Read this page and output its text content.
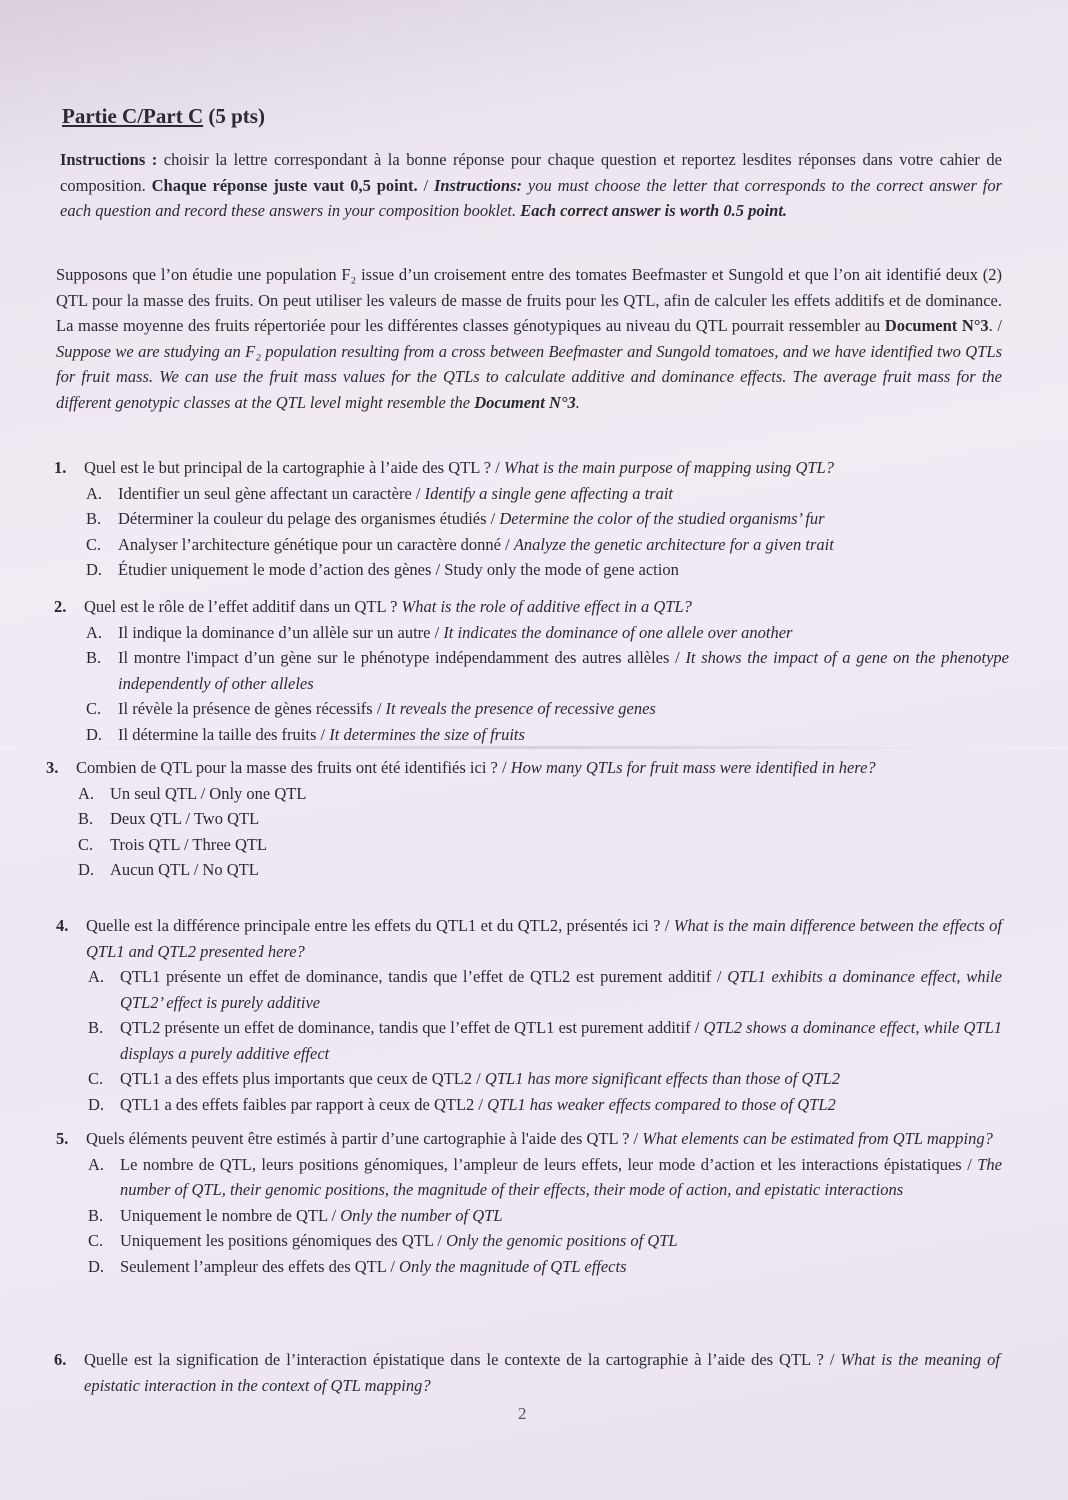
Partie C/Part C (5 pts)

Instructions : choisir la lettre correspondant à la bonne réponse pour chaque question et reportez lesdites réponses dans votre cahier de composition. Chaque réponse juste vaut 0,5 point. / Instructions: you must choose the letter that corresponds to the correct answer for each question and record these answers in your composition booklet. Each correct answer is worth 0.5 point.

Supposons que l’on étudie une population F₂ issue d’un croisement entre des tomates Beefmaster et Sungold et que l’on ait identifié deux (2) QTL pour la masse des fruits. On peut utiliser les valeurs de masse de fruits pour les QTL, afin de calculer les effets additifs et de dominance. La masse moyenne des fruits répertoriée pour les différentes classes génotypiques au niveau du QTL pourrait ressembler au Document N°3. / Suppose we are studying an F₂ population resulting from a cross between Beefmaster and Sungold tomatoes, and we have identified two QTLs for fruit mass. We can use the fruit mass values for the QTLs to calculate additive and dominance effects. The average fruit mass for the different genotypic classes at the QTL level might resemble the Document N°3.

1. Quel est le but principal de la cartographie à l’aide des QTL ? / What is the main purpose of mapping using QTL?
A. Identifier un seul gène affectant un caractère / Identify a single gene affecting a trait
B. Déterminer la couleur du pelage des organismes étudiés / Determine the color of the studied organisms’ fur
C. Analyser l’architecture génétique pour un caractère donné / Analyze the genetic architecture for a given trait
D. Étudier uniquement le mode d’action des gènes / Study only the mode of gene action
2. Quel est le rôle de l’effet additif dans un QTL ? What is the role of additive effect in a QTL?
A. Il indique la dominance d’un allèle sur un autre / It indicates the dominance of one allele over another
B. Il montre l'impact d’un gène sur le phénotype indépendamment des autres allèles / It shows the impact of a gene on the phenotype independently of other alleles
C. Il révèle la présence de gènes récessifs / It reveals the presence of recessive genes
D. Il détermine la taille des fruits / It determines the size of fruits
3. Combien de QTL pour la masse des fruits ont été identifiés ici ? / How many QTLs for fruit mass were identified in here?
A. Un seul QTL / Only one QTL
B. Deux QTL / Two QTL
C. Trois QTL / Three QTL
D. Aucun QTL / No QTL
4. Quelle est la différence principale entre les effets du QTL1 et du QTL2, présentés ici ? / What is the main difference between the effects of QTL1 and QTL2 presented here?
A. QTL1 présente un effet de dominance, tandis que l’effet de QTL2 est purement additif / QTL1 exhibits a dominance effect, while QTL2’ effect is purely additive
B. QTL2 présente un effet de dominance, tandis que l’effet de QTL1 est purement additif / QTL2 shows a dominance effect, while QTL1 displays a purely additive effect
C. QTL1 a des effets plus importants que ceux de QTL2 / QTL1 has more significant effects than those of QTL2
D. QTL1 a des effets faibles par rapport à ceux de QTL2 / QTL1 has weaker effects compared to those of QTL2
5. Quels éléments peuvent être estimés à partir d’une cartographie à l'aide des QTL ? / What elements can be estimated from QTL mapping?
A. Le nombre de QTL, leurs positions génomiques, l’ampleur de leurs effets, leur mode d’action et les interactions épistatiques / The number of QTL, their genomic positions, the magnitude of their effects, their mode of action, and epistatic interactions
B. Uniquement le nombre de QTL / Only the number of QTL
C. Uniquement les positions génomiques des QTL / Only the genomic positions of QTL
D. Seulement l’ampleur des effets des QTL / Only the magnitude of QTL effects
6. Quelle est la signification de l’interaction épistatique dans le contexte de la cartographie à l’aide des QTL ? / What is the meaning of epistatic interaction in the context of QTL mapping?
2
